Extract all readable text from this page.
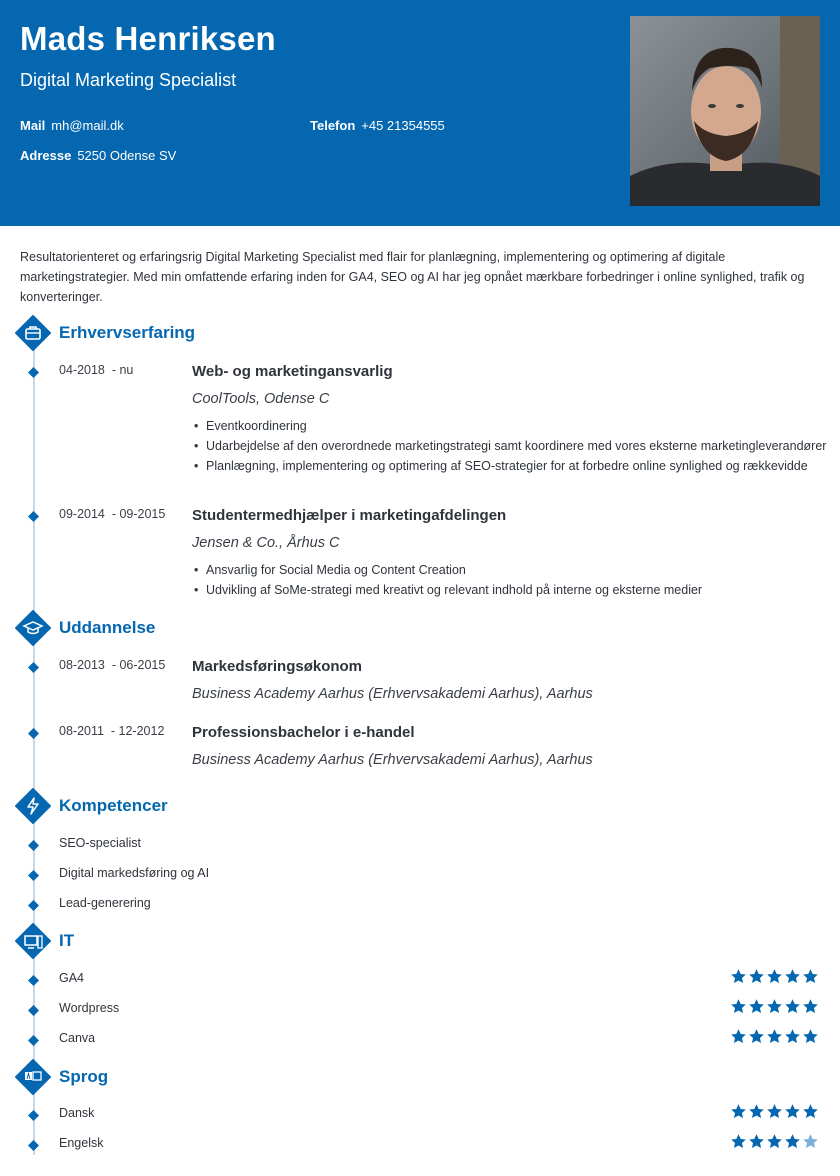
Mads Henriksen
Digital Marketing Specialist
Mail mh@mail.dk	Telefon +45 21354555
Adresse 5250 Odense SV
Resultatorienteret og erfaringsrig Digital Marketing Specialist med flair for planlægning, implementering og optimering af digitale marketingstrategier. Med min omfattende erfaring inden for GA4, SEO og AI har jeg opnået mærkbare forbedringer i online synlighed, trafik og konverteringer.
Erhvervserfaring
04-2018  - nu	Web- og marketingansvarlig
CoolTools, Odense C
• Eventkoordinering
• Udarbejdelse af den overordnede marketingstrategi samt koordinere med vores eksterne marketingleverandører
• Planlægning, implementering og optimering af SEO-strategier for at forbedre online synlighed og rækkevidde
09-2014  - 09-2015 Studentermedhjælper i marketingafdelingen
Jensen & Co., Århus C
• Ansvarlig for Social Media og Content Creation
• Udvikling af SoMe-strategi med kreativt og relevant indhold på interne og eksterne medier
Uddannelse
08-2013  - 06-2015 Markedsføringsøkonom
Business Academy Aarhus (Erhvervsakademi Aarhus), Aarhus
08-2011  - 12-2012 Professionsbachelor i e-handel
Business Academy Aarhus (Erhvervsakademi Aarhus), Aarhus
Kompetencer
SEO-specialist
Digital markedsføring og AI
Lead-generering
IT
GA4
Wordpress
Canva
Sprog
Dansk
Engelsk
